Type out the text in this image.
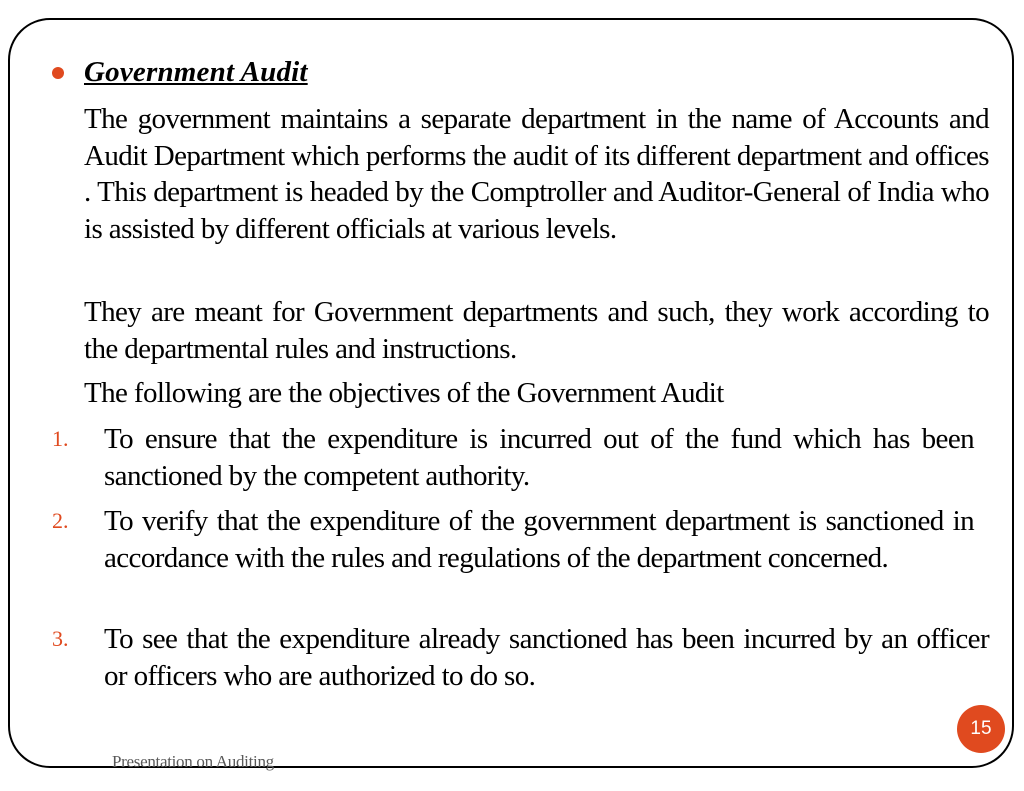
Government Audit

The government maintains a separate department in the name of Accounts and Audit Department which performs the audit of its different department and offices . This department is headed by the Comptroller and Auditor-General of India who is assisted by different officials at various levels.

They are meant for Government departments and such, they work according to the departmental rules and instructions.

The following are the objectives of the Government Audit

1. To ensure that the expenditure is incurred out of the fund which has been sanctioned by the competent authority.

2. To verify that the expenditure of the government department is sanctioned in accordance with the rules and regulations of the department concerned.

3. To see that the expenditure already sanctioned has been incurred by an officer or officers who are authorized to do so.

15
Presentation on Auditing
